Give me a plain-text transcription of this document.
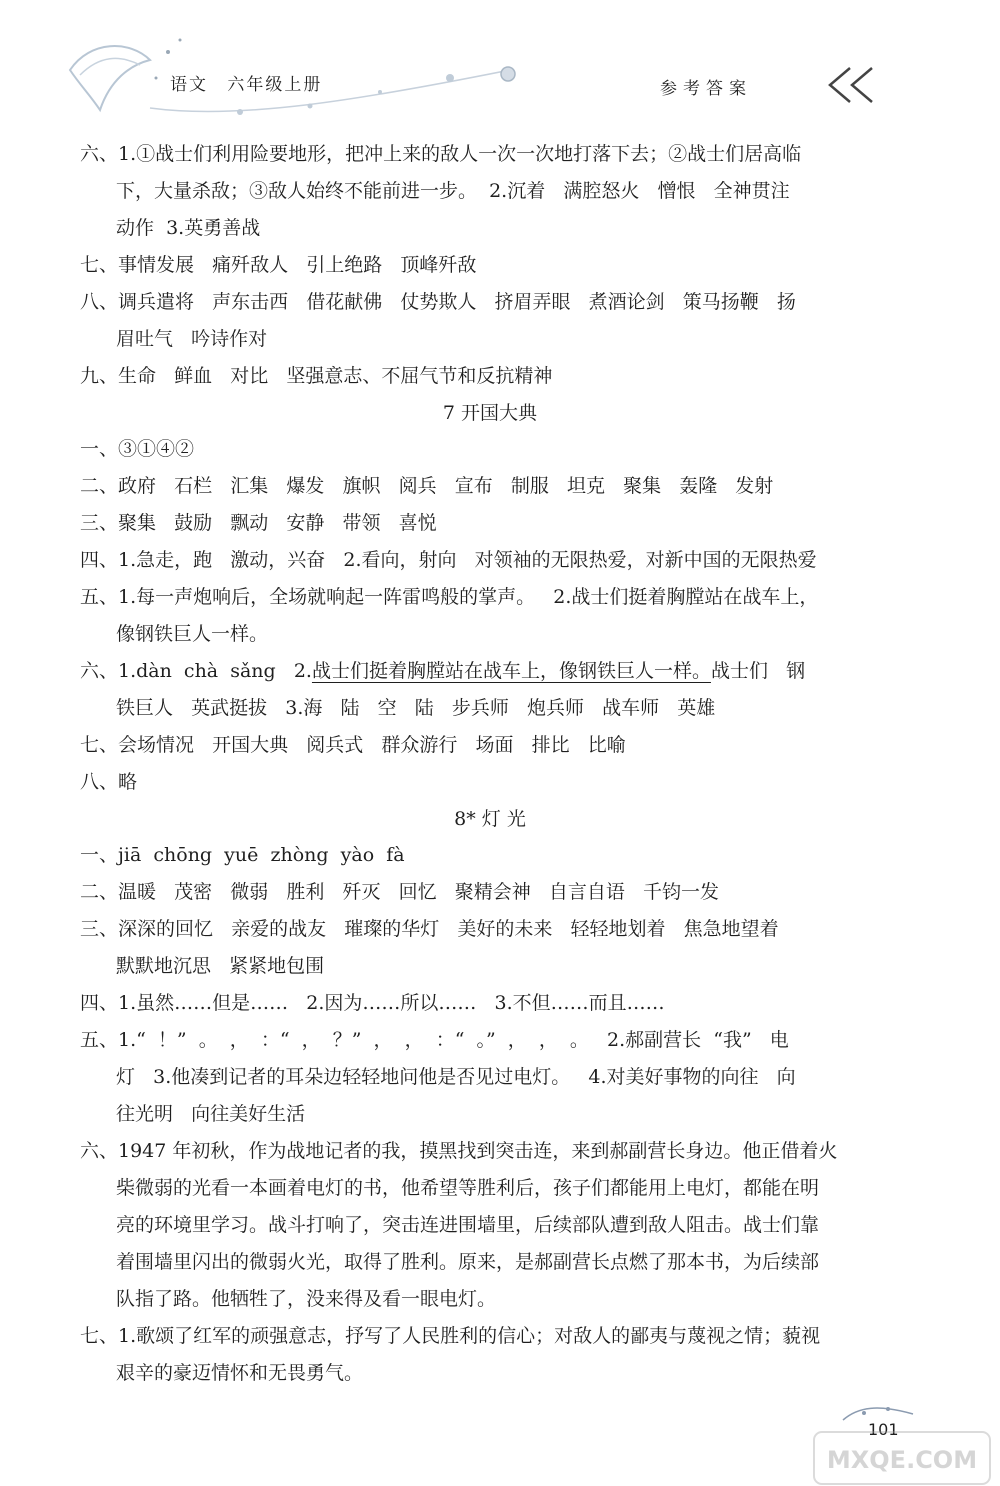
语文 六年级上册	参考答案
六、1.①战士们利用险要地形，把冲上来的敌人一次一次地打落下去；②战士们居高临
下，大量杀敌；③敌人始终不能前进一步。  2.沉着   满腔怒火   憎恨   全神贯注
动作  3.英勇善战
七、事情发展   痛歼敌人   引上绝路   顶峰歼敌
八、调兵遣将   声东击西   借花献佛   仗势欺人   挤眉弄眼   煮酒论剑   策马扬鞭   扬
眉吐气   吟诗作对
九、生命   鲜血   对比   坚强意志、不屈气节和反抗精神
7 开国大典
一、③①④②
二、政府   石栏   汇集   爆发   旗帜   阅兵   宣布   制服   坦克   聚集   轰隆   发射
三、聚集   鼓励   飘动   安静   带领   喜悦
四、1.急走，跑   激动，兴奋   2.看向，射向   对领袖的无限热爱，对新中国的无限热爱
五、1.每一声炮响后，全场就响起一阵雷鸣般的掌声。   2.战士们挺着胸膛站在战车上，
像钢铁巨人一样。
六、1.dàn  chà  sǎng   2.战士们挺着胸膛站在战车上，像钢铁巨人一样。战士们   钢
铁巨人   英武挺拔   3.海   陆   空   陆   步兵师   炮兵师   战车师   英雄
七、会场情况   开国大典   阅兵式   群众游行   场面   排比   比喻
八、略
8* 灯 光
一、jiā  chōng  yuē  zhòng  yào  fà
二、温暖   茂密   微弱   胜利   歼灭   回忆   聚精会神   自言自语   千钧一发
三、深深的回忆   亲爱的战友   璀璨的华灯   美好的未来   轻轻地划着   焦急地望着
默默地沉思   紧紧地包围
四、1.虽然……但是……   2.因为……所以……   3.不但……而且……
五、1.“  ！”  。  ，  ：“  ，  ？”  ，  ，  ：“  。”  ，  ，  。   2.郝副营长  “我”   电
灯   3.他凑到记者的耳朵边轻轻地问他是否见过电灯。   4.对美好事物的向往   向
往光明   向往美好生活
六、1947 年初秋，作为战地记者的我，摸黑找到突击连，来到郝副营长身边。他正借着火
柴微弱的光看一本画着电灯的书，他希望等胜利后，孩子们都能用上电灯，都能在明
亮的环境里学习。战斗打响了，突击连进围墙里，后续部队遭到敌人阻击。战士们靠
着围墙里闪出的微弱火光，取得了胜利。原来，是郝副营长点燃了那本书，为后续部
队指了路。他牺牲了，没来得及看一眼电灯。
七、1.歌颂了红军的顽强意志，抒写了人民胜利的信心；对敌人的鄙夷与蔑视之情；藐视
艰辛的豪迈情怀和无畏勇气。
101
MXQE.COM
